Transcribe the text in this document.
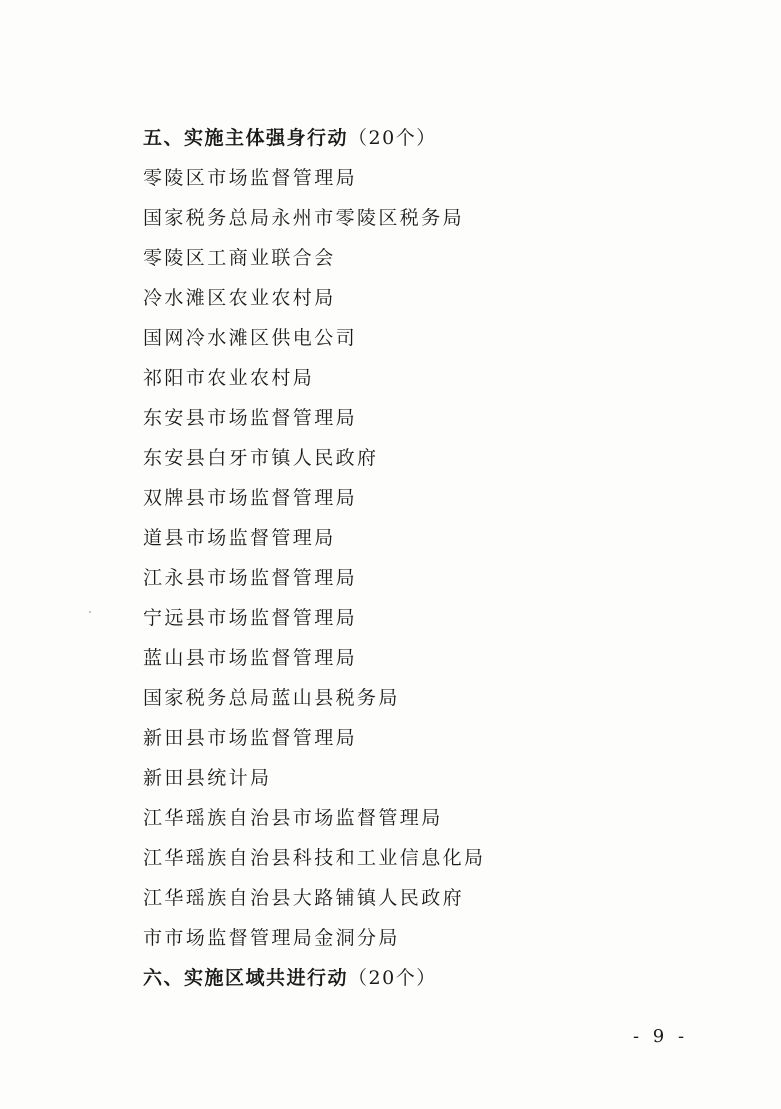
五、实施主体强身行动（20个）
零陵区市场监督管理局
国家税务总局永州市零陵区税务局
零陵区工商业联合会
冷水滩区农业农村局
国网冷水滩区供电公司
祁阳市农业农村局
东安县市场监督管理局
东安县白牙市镇人民政府
双牌县市场监督管理局
道县市场监督管理局
江永县市场监督管理局
宁远县市场监督管理局
蓝山县市场监督管理局
国家税务总局蓝山县税务局
新田县市场监督管理局
新田县统计局
江华瑶族自治县市场监督管理局
江华瑶族自治县科技和工业信息化局
江华瑶族自治县大路铺镇人民政府
市市场监督管理局金洞分局
六、实施区域共进行动（20个）
- 9 -
